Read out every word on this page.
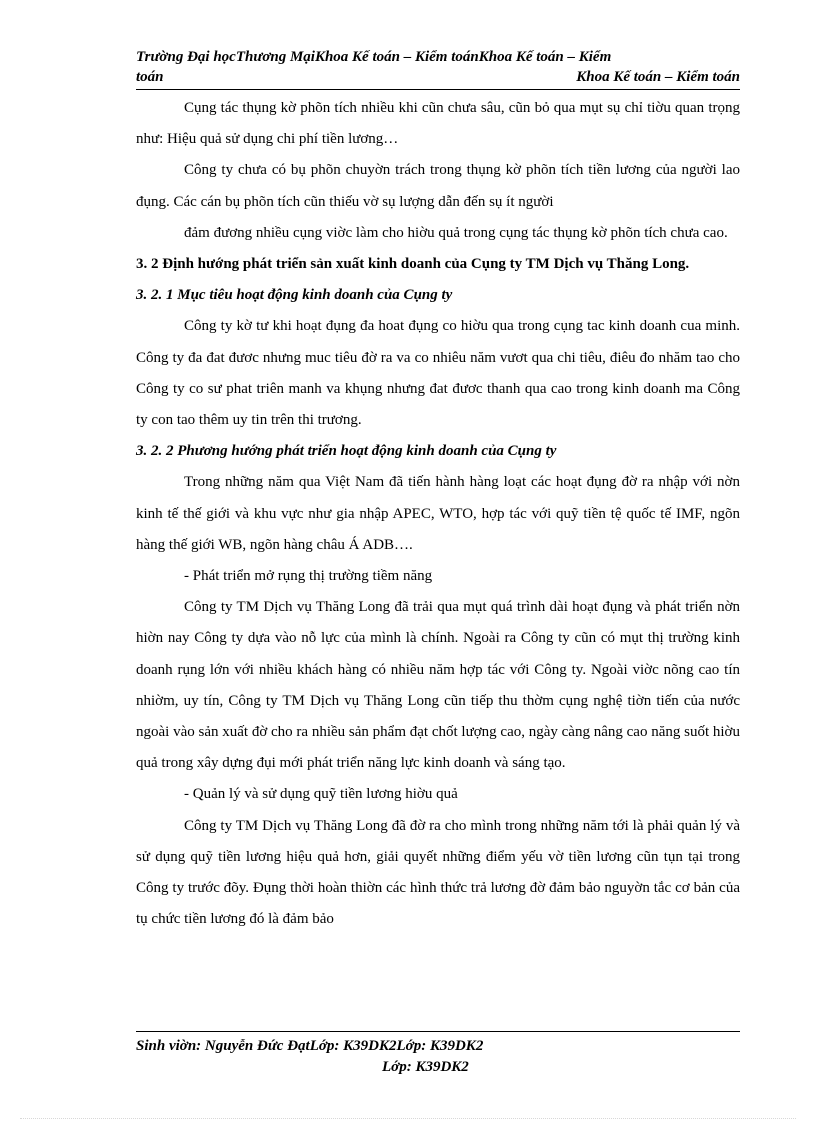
Trường Đại họcThương MạiKhoa Kế toán – Kiểm toánKhoa Kế toán – Kiểm
toán	Khoa Kế toán – Kiểm toán

Cụng tác thụng kờ phõn tích nhiều khi cũn chưa sâu, cũn bỏ qua mụt sụ chỉ tiờu quan trọng như: Hiệu quả sử dụng chi phí tiền lương…

Công ty chưa có bụ phõn chuyờn trách trong thụng kờ phõn tích tiền lương của người lao đụng. Các cán bụ phõn tích cũn thiếu vờ sụ lượng dẫn đến sụ ít người

đảm đương nhiều cụng viờc làm cho hiờu quả trong cụng tác thụng kờ phõn tích chưa cao.

3. 2 Định hướng phát triển sản xuất kinh doanh của Cụng ty TM Dịch vụ Thăng Long.

3. 2. 1 Mục tiêu hoạt động kinh doanh của Cụng ty

Công ty kờ tư khi hoạt đụng đa hoat đụng co hiờu qua trong cụng tac kinh doanh cua minh. Công ty đa đat đươc nhưng muc tiêu đờ ra va co nhiêu năm vươt qua chi tiêu, điêu đo nhăm tao cho Công ty co sư phat triên manh va khụng nhưng đat đươc thanh qua cao trong kinh doanh ma Công ty con tao thêm uy tin trên thi trương.

3. 2. 2 Phương hướng phát triển hoạt động kinh doanh của Cụng ty

Trong những năm qua Việt Nam đã tiến hành hàng loạt các hoạt đụng đờ ra nhập với nờn kinh tế thế giới và khu vực như gia nhập APEC, WTO, hợp tác với quỹ tiền tệ quốc tế IMF, ngõn hàng thế giới WB, ngõn hàng châu Á ADB….

- Phát triển mở rụng thị trường tiềm năng

Công ty TM Dịch vụ Thăng Long đã trải qua mụt quá trình dài hoạt đụng và phát triển nờn hiờn nay Công ty dựa vào nỗ lực của mình là chính. Ngoài ra Công ty cũn có mụt thị trường kinh doanh rụng lớn với nhiều khách hàng có nhiều năm hợp tác với Công ty. Ngoài viờc nõng cao tín nhiờm, uy tín, Công ty TM Dịch vụ Thăng Long cũn tiếp thu thờm cụng nghệ tiờn tiến của nước ngoài vào sản xuất đờ cho ra nhiều sản phẩm đạt chốt lượng cao, ngày càng nâng cao năng suốt hiờu quả trong xây dựng đụi mới phát triển năng lực kinh doanh và sáng tạo.

- Quản lý và sử dụng quỹ tiền lương hiờu quả

Công ty TM Dịch vụ Thăng Long đã đờ ra cho mình trong những năm tới là phải quản lý và sử dụng quỹ tiền lương hiệu quả hơn, giải quyết những điểm yếu vờ tiền lương cũn tụn tại trong Công ty trước đõy. Đụng thời hoàn thiờn các hình thức trả lương đờ đảm bảo nguyờn tắc cơ bản của tụ chức tiền lương đó là đảm bảo

Sinh viờn: Nguyễn Đức ĐạtLớp: K39DK2Lớp: K39DK2
Lớp: K39DK2
